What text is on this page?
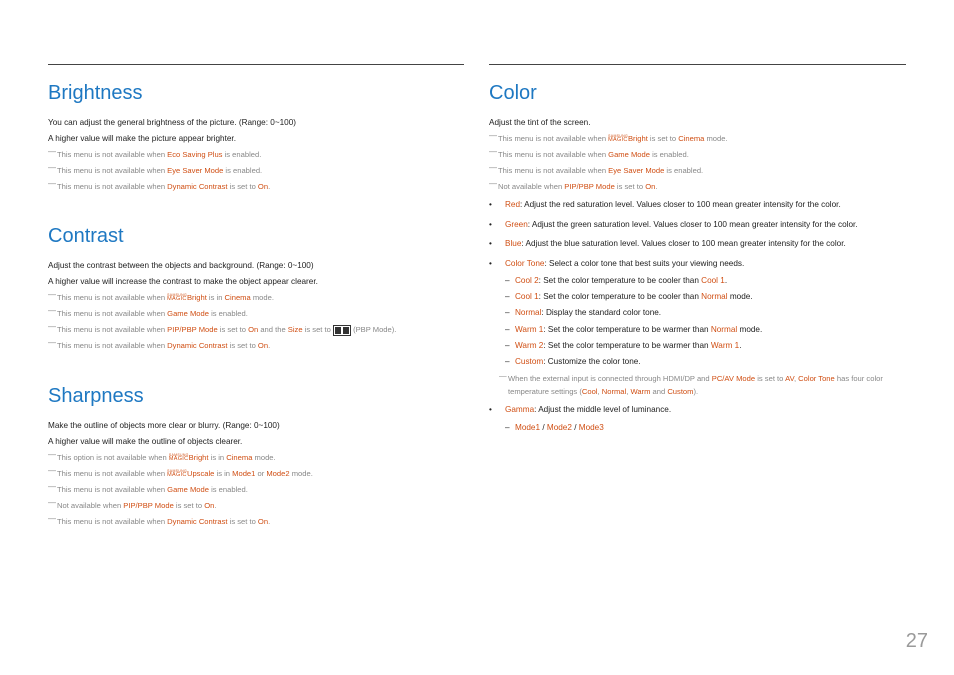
Brightness

You can adjust the general brightness of the picture. (Range: 0~100)

A higher value will make the picture appear brighter.

— This menu is not available when Eco Saving Plus is enabled.

— This menu is not available when Eye Saver Mode is enabled.

— This menu is not available when Dynamic Contrast is set to On.

Contrast

Adjust the contrast between the objects and background. (Range: 0~100)

A higher value will increase the contrast to make the object appear clearer.

— This menu is not available when SAMSUNG
MAGIC Bright is in Cinema mode.

— This menu is not available when Game Mode is enabled.

— This menu is not available when PIP/PBP Mode is set to On and the Size is set to  (PBP Mode).

— This menu is not available when Dynamic Contrast is set to On.

Sharpness

Make the outline of objects more clear or blurry. (Range: 0~100)

A higher value will make the outline of objects clearer.

— This option is not available when SAMSUNG
MAGIC Bright is in Cinema mode.

— This menu is not available when SAMSUNG
MAGIC Upscale is in Mode1 or Mode2 mode.

— This menu is not available when Game Mode is enabled.

— Not available when PIP/PBP Mode is set to On.

— This menu is not available when Dynamic Contrast is set to On.

Color

Adjust the tint of the screen.

— This menu is not available when SAMSUNG
MAGIC Bright is set to Cinema mode.

— This menu is not available when Game Mode is enabled.

— This menu is not available when Eye Saver Mode is enabled.

— Not available when PIP/PBP Mode is set to On.

• Red: Adjust the red saturation level. Values closer to 100 mean greater intensity for the color.
• Green: Adjust the green saturation level. Values closer to 100 mean greater intensity for the color.
• Blue: Adjust the blue saturation level. Values closer to 100 mean greater intensity for the color.
• Color Tone: Select a color tone that best suits your viewing needs.
– Cool 2: Set the color temperature to be cooler than Cool 1.
– Cool 1: Set the color temperature to be cooler than Normal mode.
– Normal: Display the standard color tone.
– Warm 1: Set the color temperature to be warmer than Normal mode.
– Warm 2: Set the color temperature to be warmer than Warm 1.
– Custom: Customize the color tone.
— When the external input is connected through HDMI/DP and PC/AV Mode is set to AV, Color Tone has four color temperature settings (Cool, Normal, Warm and Custom).
• Gamma: Adjust the middle level of luminance.
– Mode1 / Mode2 / Mode3
27
